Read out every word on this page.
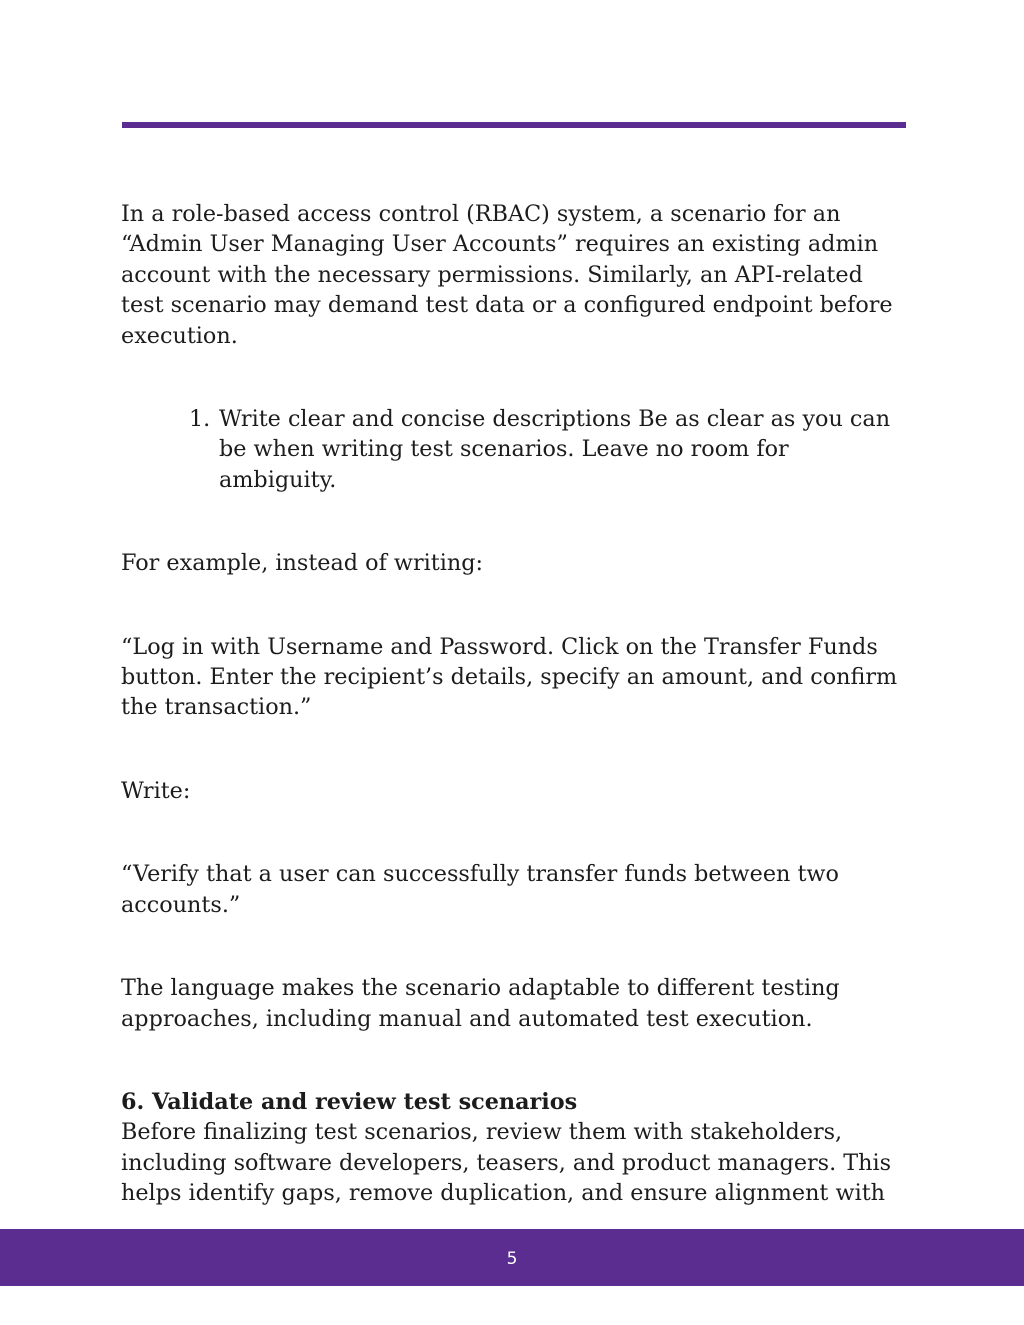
In a role-based access control (RBAC) system, a scenario for an “Admin User Managing User Accounts” requires an existing admin account with the necessary permissions. Similarly, an API-related test scenario may demand test data or a configured endpoint before execution.

1. Write clear and concise descriptions Be as clear as you can be when writing test scenarios. Leave no room for ambiguity.

For example, instead of writing:

“Log in with Username and Password. Click on the Transfer Funds button. Enter the recipient’s details, specify an amount, and confirm the transaction.”

Write:

“Verify that a user can successfully transfer funds between two accounts.”

The language makes the scenario adaptable to different testing approaches, including manual and automated test execution.

6. Validate and review test scenarios

Before finalizing test scenarios, review them with stakeholders, including software developers, teasers, and product managers. This helps identify gaps, remove duplication, and ensure alignment with

5
